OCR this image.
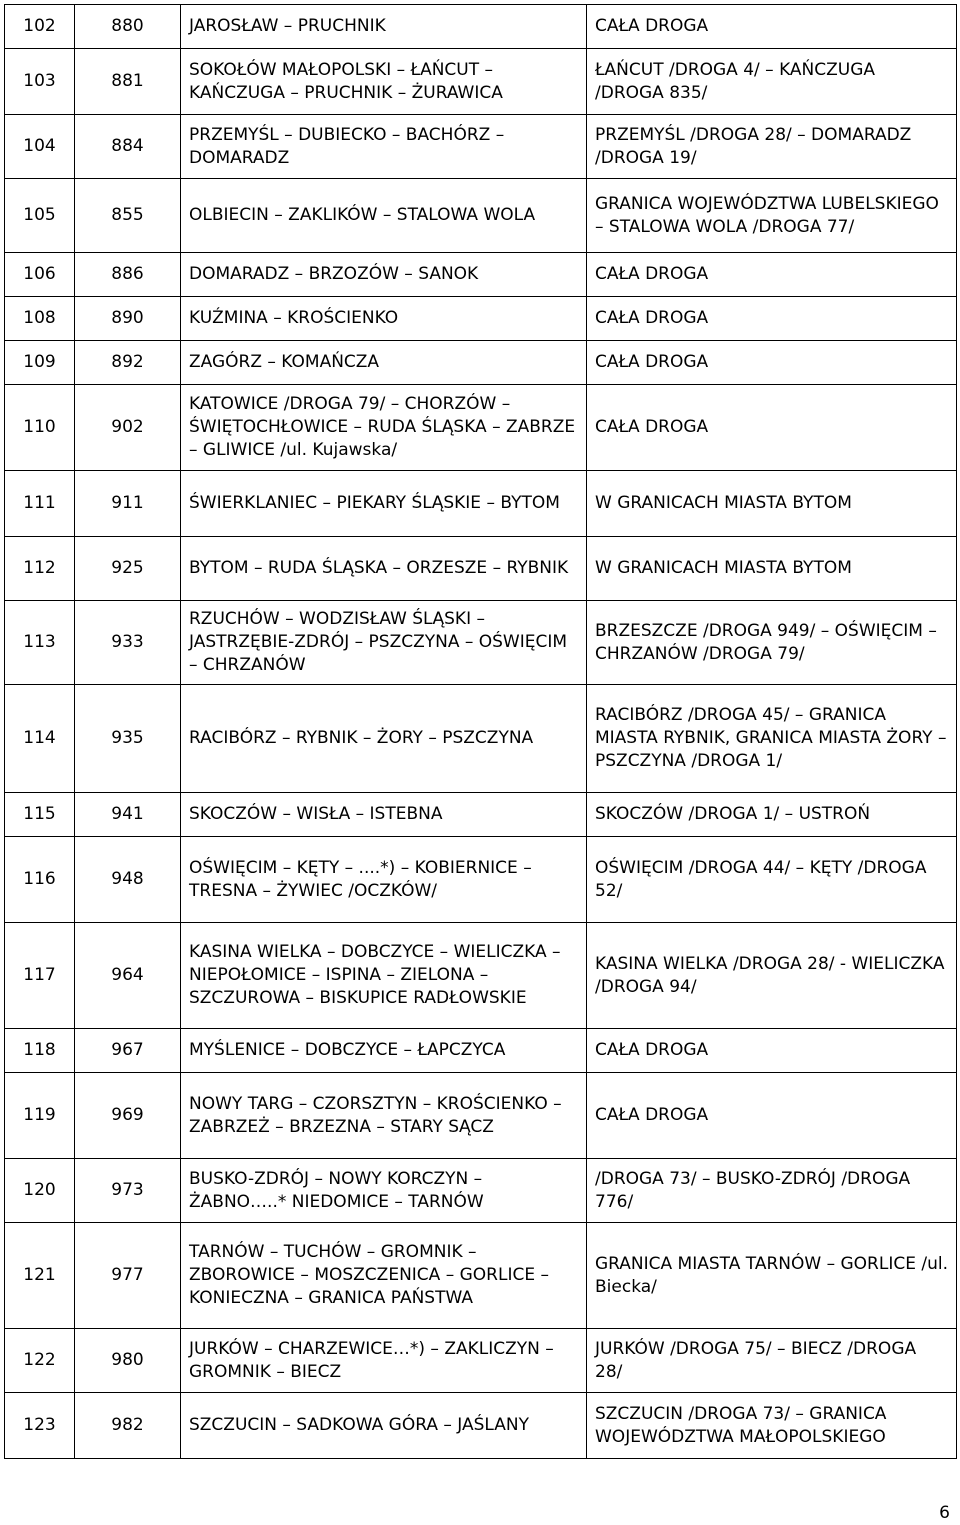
102	880	JAROSŁAW – PRUCHNIK	CAŁA DROGA
103	881	SOKOŁÓW MAŁOPOLSKI – ŁAŃCUT – KAŃCZUGA – PRUCHNIK – ŻURAWICA	ŁAŃCUT /DROGA 4/ – KAŃCZUGA /DROGA 835/
104	884	PRZEMYŚL – DUBIECKO – BACHÓRZ – DOMARADZ	PRZEMYŚL /DROGA 28/ – DOMARADZ /DROGA 19/
105	855	OLBIECIN – ZAKLIKÓW – STALOWA WOLA	GRANICA WOJEWÓDZTWA LUBELSKIEGO – STALOWA WOLA /DROGA 77/
106	886	DOMARADZ – BRZOZÓW – SANOK	CAŁA DROGA
108	890	KUŹMINA – KROŚCIENKO	CAŁA DROGA
109	892	ZAGÓRZ – KOMAŃCZA	CAŁA DROGA
110	902	KATOWICE /DROGA 79/ – CHORZÓW – ŚWIĘTOCHŁOWICE – RUDA ŚLĄSKA – ZABRZE – GLIWICE /ul. Kujawska/	CAŁA DROGA
111	911	ŚWIERKLANIEC – PIEKARY ŚLĄSKIE – BYTOM	W GRANICACH MIASTA BYTOM
112	925	BYTOM – RUDA ŚLĄSKA – ORZESZE – RYBNIK	W GRANICACH MIASTA BYTOM
113	933	RZUCHÓW – WODZISŁAW ŚLĄSKI – JASTRZĘBIE-ZDRÓJ – PSZCZYNA – OŚWIĘCIM – CHRZANÓW	BRZESZCZE /DROGA 949/ – OŚWIĘCIM – CHRZANÓW /DROGA 79/
114	935	RACIBÓRZ – RYBNIK – ŻORY – PSZCZYNA	RACIBÓRZ /DROGA 45/ – GRANICA MIASTA RYBNIK, GRANICA MIASTA ŻORY – PSZCZYNA /DROGA 1/
115	941	SKOCZÓW – WISŁA – ISTEBNA	SKOCZÓW /DROGA 1/ – USTROŃ
116	948	OŚWIĘCIM – KĘTY – ....*) – KOBIERNICE – TRESNA – ŻYWIEC /OCZKÓW/	OŚWIĘCIM /DROGA 44/ – KĘTY /DROGA 52/
117	964	KASINA WIELKA – DOBCZYCE – WIELICZKA – NIEPOŁOMICE – ISPINA – ZIELONA – SZCZUROWA – BISKUPICE RADŁOWSKIE	KASINA WIELKA /DROGA 28/ - WIELICZKA /DROGA 94/
118	967	MYŚLENICE – DOBCZYCE – ŁAPCZYCA	CAŁA DROGA
119	969	NOWY TARG – CZORSZTYN – KROŚCIENKO – ZABRZEŻ – BRZEZNA – STARY SĄCZ	CAŁA DROGA
120	973	BUSKO-ZDRÓJ – NOWY KORCZYN – ŻABNO…..* NIEDOMICE – TARNÓW	/DROGA 73/ – BUSKO-ZDRÓJ /DROGA 776/
121	977	TARNÓW – TUCHÓW – GROMNIK – ZBOROWICE – MOSZCZENICA – GORLICE – KONIECZNA – GRANICA PAŃSTWA	GRANICA MIASTA TARNÓW – GORLICE /ul. Biecka/
122	980	JURKÓW – CHARZEWICE…*) – ZAKLICZYN – GROMNIK – BIECZ	JURKÓW /DROGA 75/ – BIECZ /DROGA 28/
123	982	SZCZUCIN – SADKOWA GÓRA – JAŚLANY	SZCZUCIN /DROGA 73/ – GRANICA WOJEWÓDZTWA MAŁOPOLSKIEGO
6
